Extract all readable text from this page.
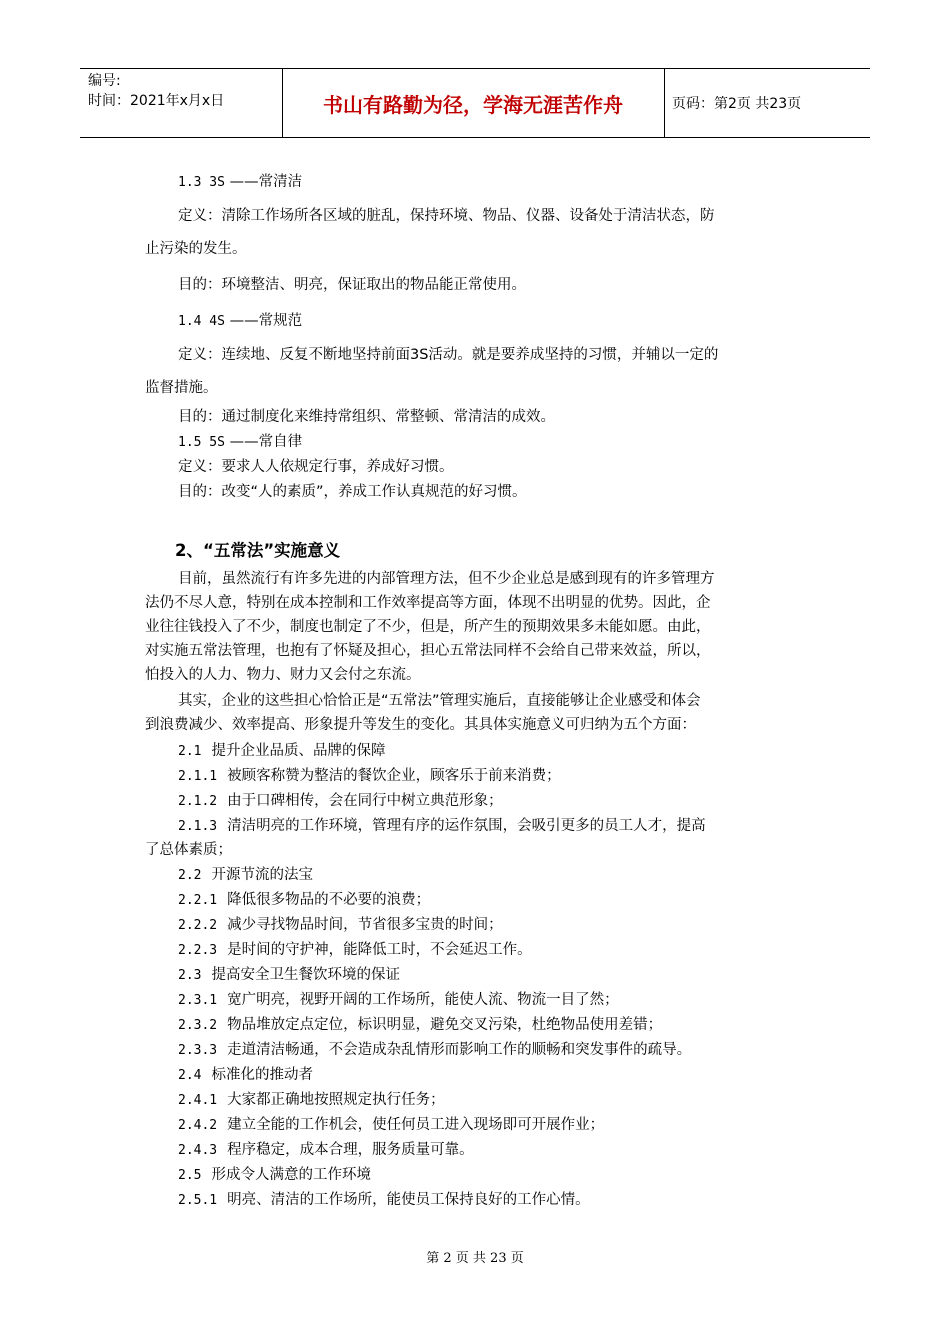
编号:
时间：2021年x月x日	书山有路勤为径，学海无涯苦作舟	页码：第2页 共23页
1.3 3S ——常清洁
定义：清除工作场所各区域的脏乱，保持环境、物品、仪器、设备处于清洁状态，防
止污染的发生。
目的：环境整洁、明亮，保证取出的物品能正常使用。
1.4 4S ——常规范
定义：连续地、反复不断地坚持前面3S活动。就是要养成坚持的习惯，并辅以一定的
监督措施。
目的：通过制度化来维持常组织、常整顿、常清洁的成效。
1.5 5S ——常自律
定义：要求人人依规定行事，养成好习惯。
目的：改变“人的素质”，养成工作认真规范的好习惯。
2、“五常法”实施意义
目前，虽然流行有许多先进的内部管理方法，但不少企业总是感到现有的许多管理方
法仍不尽人意，特别在成本控制和工作效率提高等方面，体现不出明显的优势。因此，企
业往往钱投入了不少，制度也制定了不少，但是，所产生的预期效果多未能如愿。由此，
对实施五常法管理，也抱有了怀疑及担心，担心五常法同样不会给自己带来效益，所以，
怕投入的人力、物力、财力又会付之东流。
其实，企业的这些担心恰恰正是“五常法”管理实施后，直接能够让企业感受和体会
到浪费减少、效率提高、形象提升等发生的变化。其具体实施意义可归纳为五个方面：
2.1 提升企业品质、品牌的保障
2.1.1 被顾客称赞为整洁的餐饮企业，顾客乐于前来消费；
2.1.2 由于口碑相传，会在同行中树立典范形象；
2.1.3 清洁明亮的工作环境，管理有序的运作氛围，会吸引更多的员工人才，提高
了总体素质；
2.2 开源节流的法宝
2.2.1 降低很多物品的不必要的浪费；
2.2.2 减少寻找物品时间，节省很多宝贵的时间；
2.2.3 是时间的守护神，能降低工时，不会延迟工作。
2.3 提高安全卫生餐饮环境的保证
2.3.1 宽广明亮，视野开阔的工作场所，能使人流、物流一目了然；
2.3.2 物品堆放定点定位，标识明显，避免交叉污染，杜绝物品使用差错；
2.3.3 走道清洁畅通，不会造成杂乱情形而影响工作的顺畅和突发事件的疏导。
2.4 标准化的推动者
2.4.1 大家都正确地按照规定执行任务；
2.4.2 建立全能的工作机会，使任何员工进入现场即可开展作业；
2.4.3 程序稳定，成本合理，服务质量可靠。
2.5 形成令人满意的工作环境
2.5.1 明亮、清洁的工作场所，能使员工保持良好的工作心情。
第 2 页 共 23 页
